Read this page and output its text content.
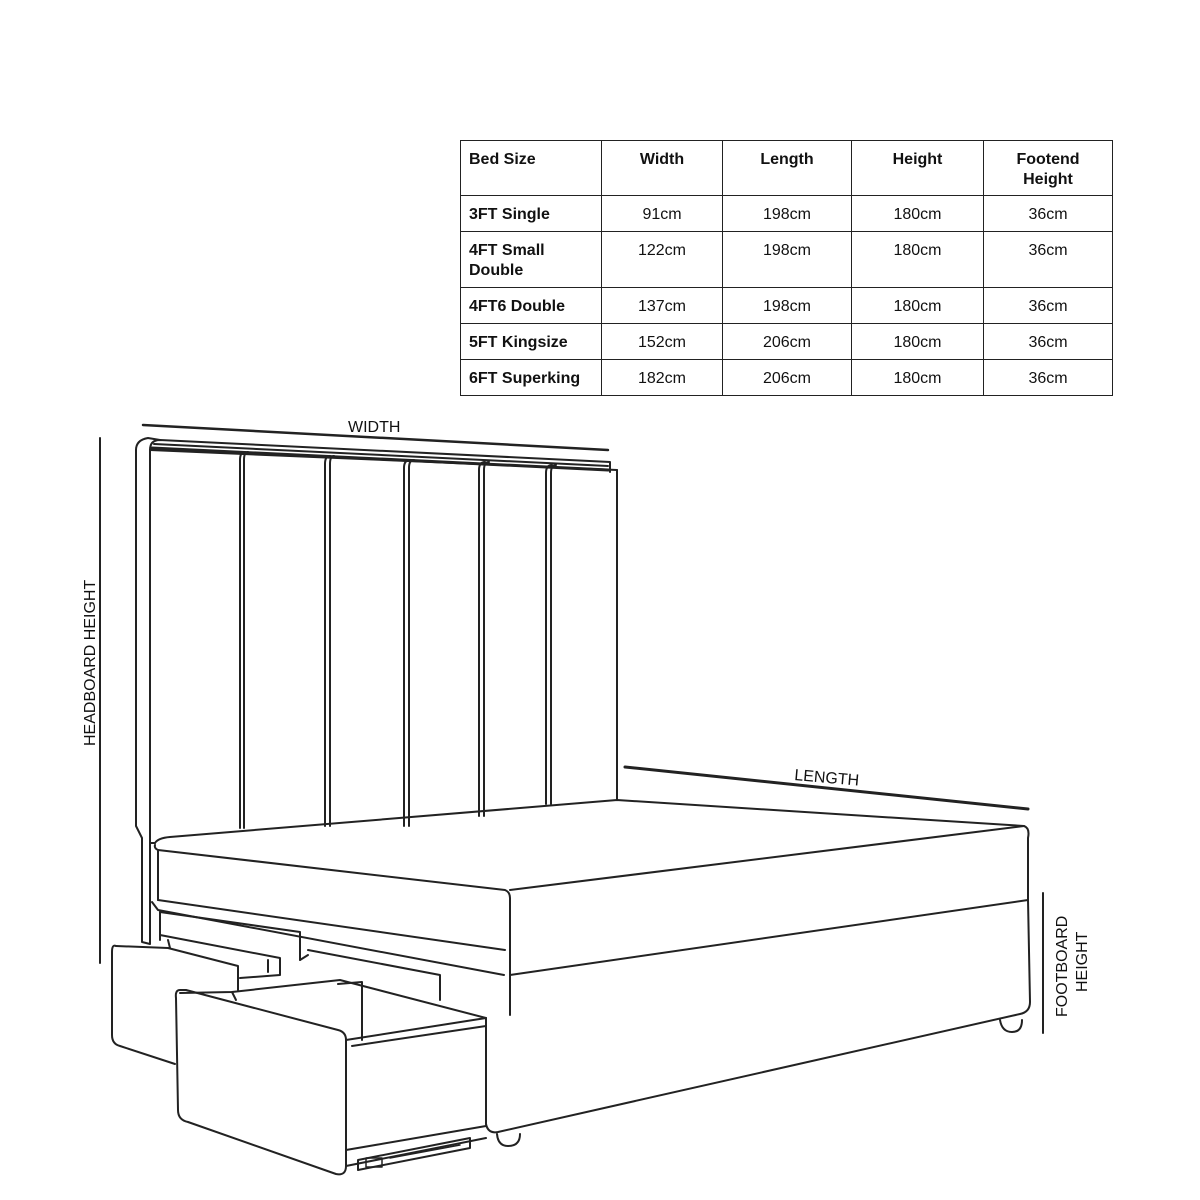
Bed Size	Width	Length	Height	Footend
Height

3FT Single	91cm	198cm	180cm	36cm

4FT Small
Double	122cm	198cm	180cm	36cm

4FT6 Double	137cm	198cm	180cm	36cm

5FT Kingsize	152cm	206cm	180cm	36cm

6FT Superking	182cm	206cm	180cm	36cm
WIDTH
LENGTH
HEADBOARD HEIGHT
FOOTBOARD HEIGHT
